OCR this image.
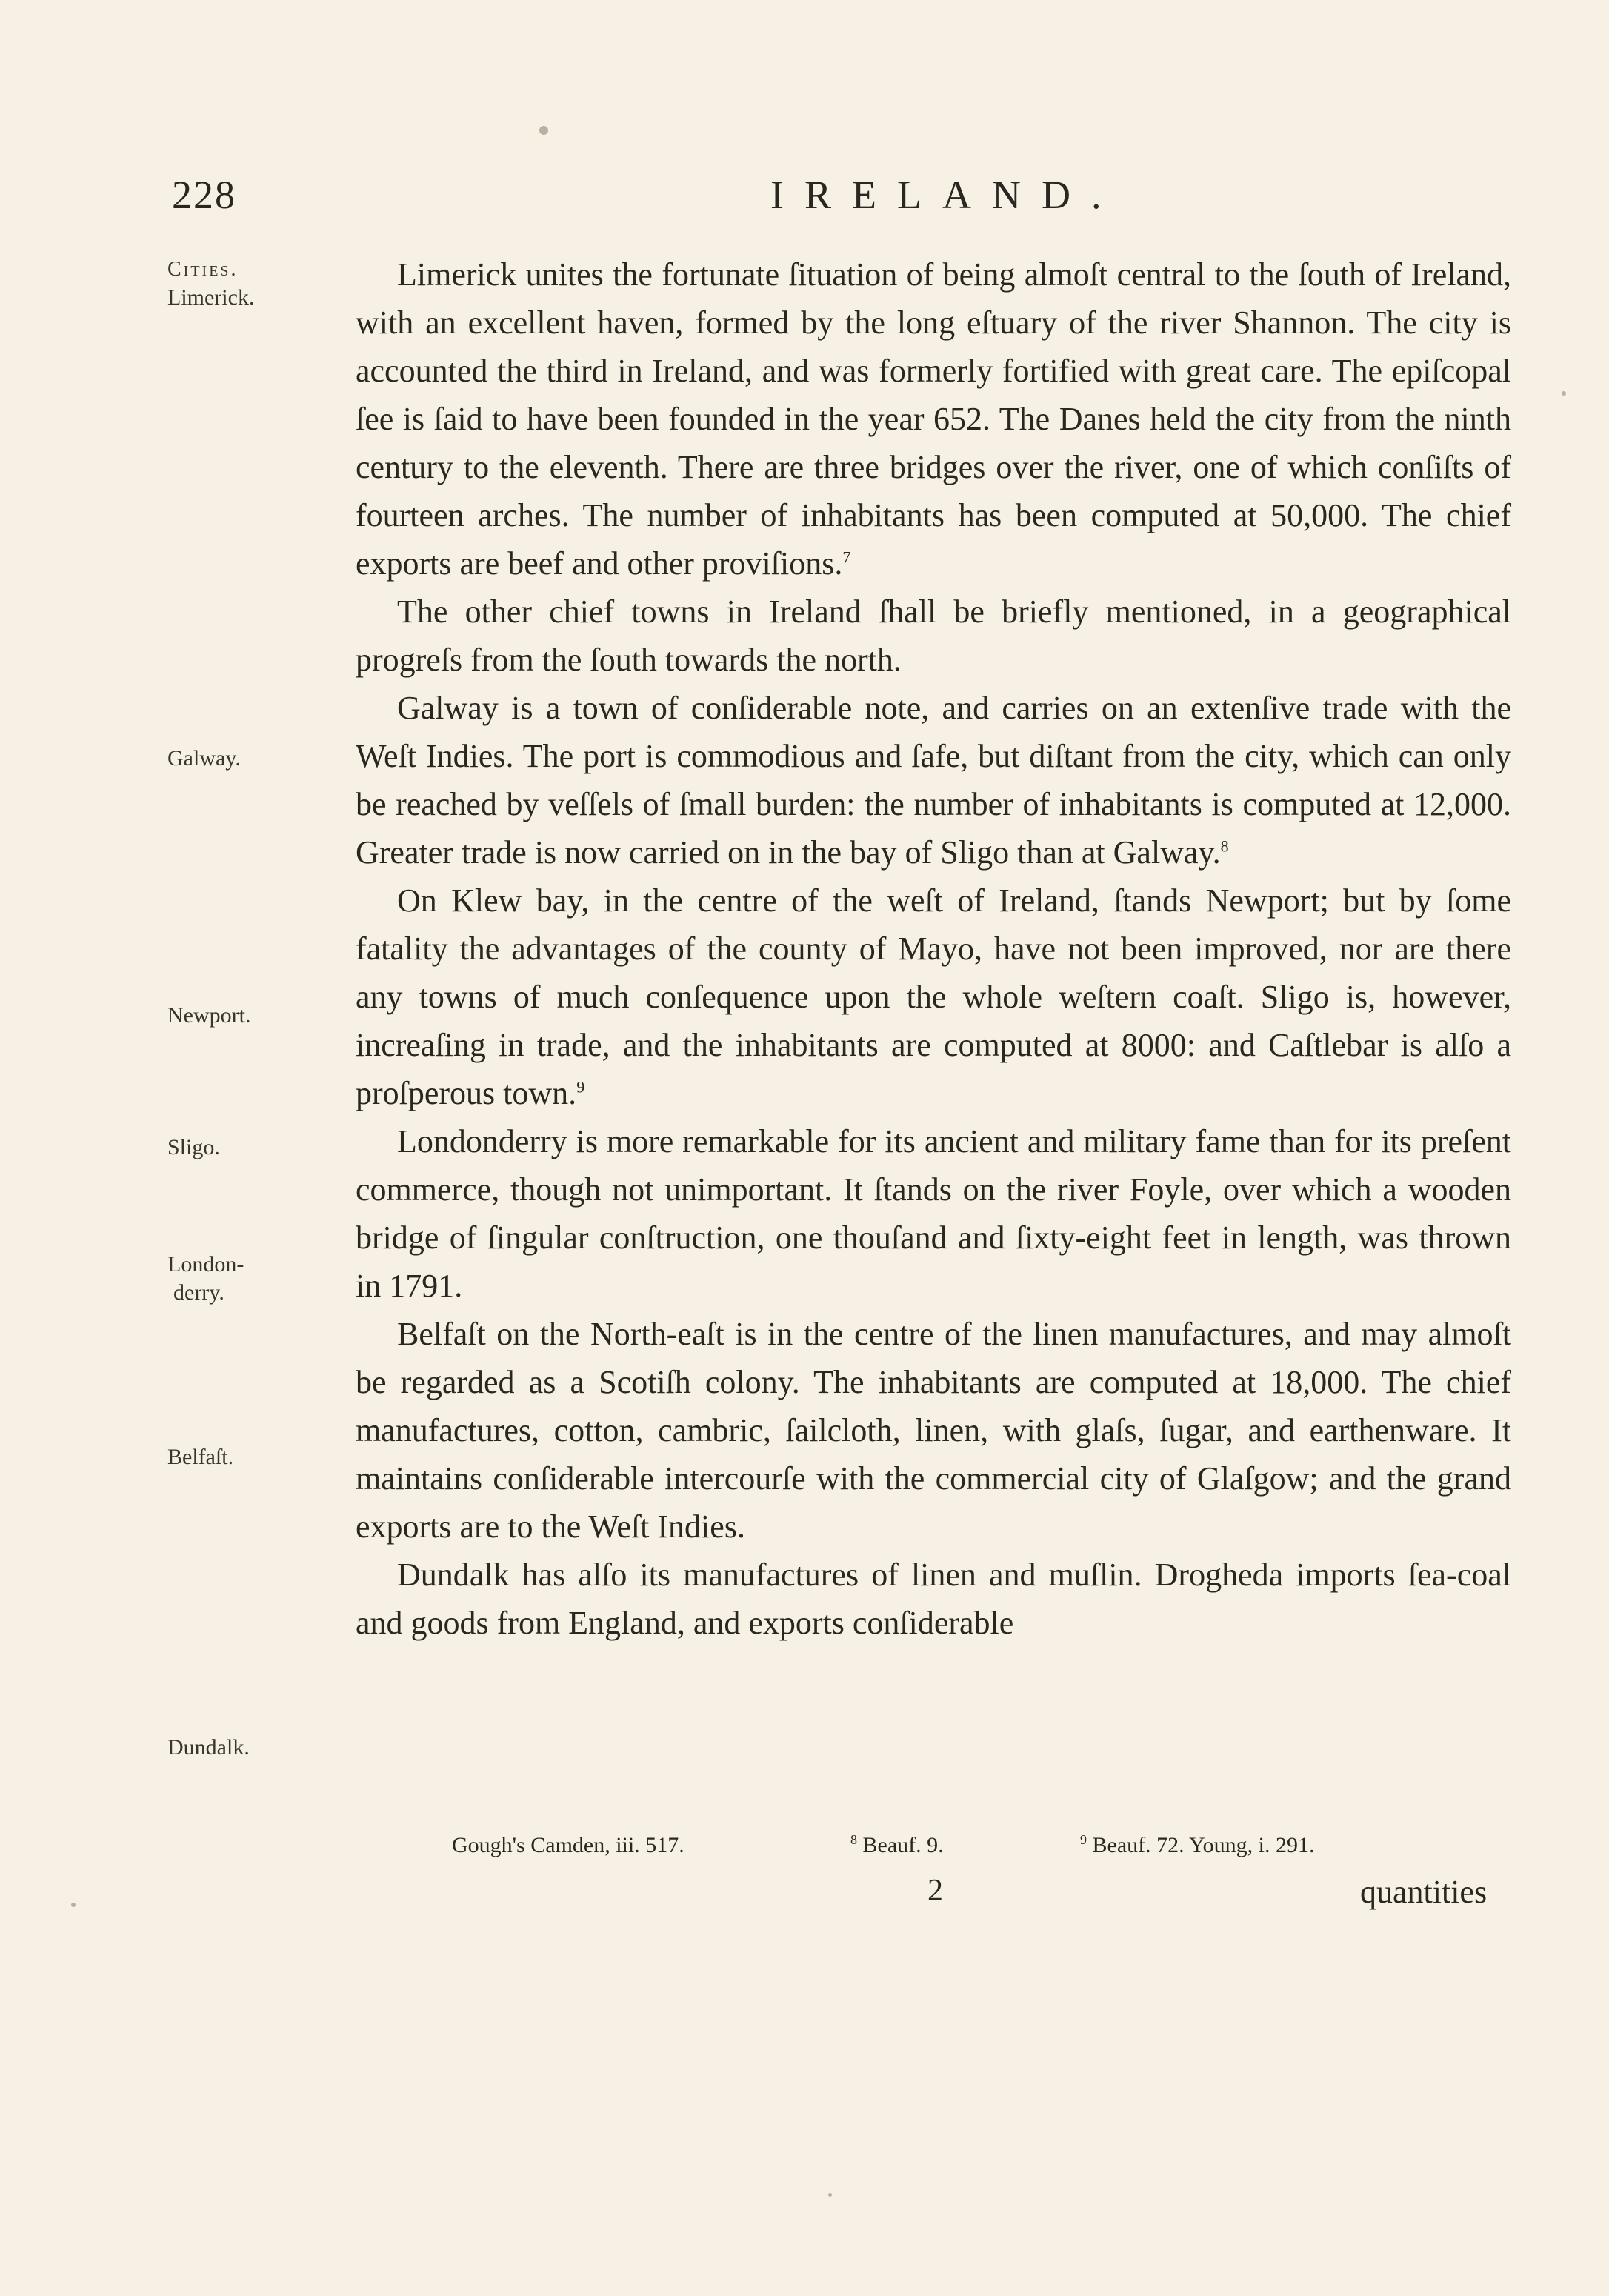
228	IRELAND.
Cities.
Limerick.
Galway.
Newport.
Sligo.
London-
derry.
Belfaſt.
Dundalk.

Limerick unites the fortunate ſituation of being almoſt central to the ſouth of Ireland, with an excellent haven, formed by the long eſtuary of the river Shannon. The city is accounted the third in Ireland, and was formerly fortified with great care. The epiſcopal ſee is ſaid to have been founded in the year 652. The Danes held the city from the ninth century to the eleventh. There are three bridges over the river, one of which conſiſts of fourteen arches. The number of inhabitants has been computed at 50,000. The chief exports are beef and other proviſions.$^7$

The other chief towns in Ireland ſhall be briefly mentioned, in a geographical progreſs from the ſouth towards the north.

Galway is a town of conſiderable note, and carries on an extenſive trade with the Weſt Indies. The port is commodious and ſafe, but diſtant from the city, which can only be reached by veſſels of ſmall burden: the number of inhabitants is computed at 12,000. Greater trade is now carried on in the bay of Sligo than at Galway.$^8$

On Klew bay, in the centre of the weſt of Ireland, ſtands Newport; but by ſome fatality the advantages of the county of Mayo, have not been improved, nor are there any towns of much conſequence upon the whole weſtern coaſt. Sligo is, however, increaſing in trade, and the inhabitants are computed at 8000: and Caſtlebar is alſo a proſperous town.$^9$

Londonderry is more remarkable for its ancient and military fame than for its preſent commerce, though not unimportant. It ſtands on the river Foyle, over which a wooden bridge of ſingular conſtruction, one thouſand and ſixty-eight feet in length, was thrown in 1791.

Belfaſt on the North-eaſt is in the centre of the linen manufactures, and may almoſt be regarded as a Scotiſh colony. The inhabitants are computed at 18,000. The chief manufactures, cotton, cambric, ſailcloth, linen, with glaſs, ſugar, and earthenware. It maintains conſiderable intercourſe with the commercial city of Glaſgow; and the grand exports are to the Weſt Indies.

Dundalk has alſo its manufactures of linen and muſlin. Drogheda imports ſea-coal and goods from England, and exports conſiderable

Gough's Camden, iii. 517.	$^8$ Beauf. 9.	$^9$ Beauf. 72. Young, i. 291.
2	quantities
